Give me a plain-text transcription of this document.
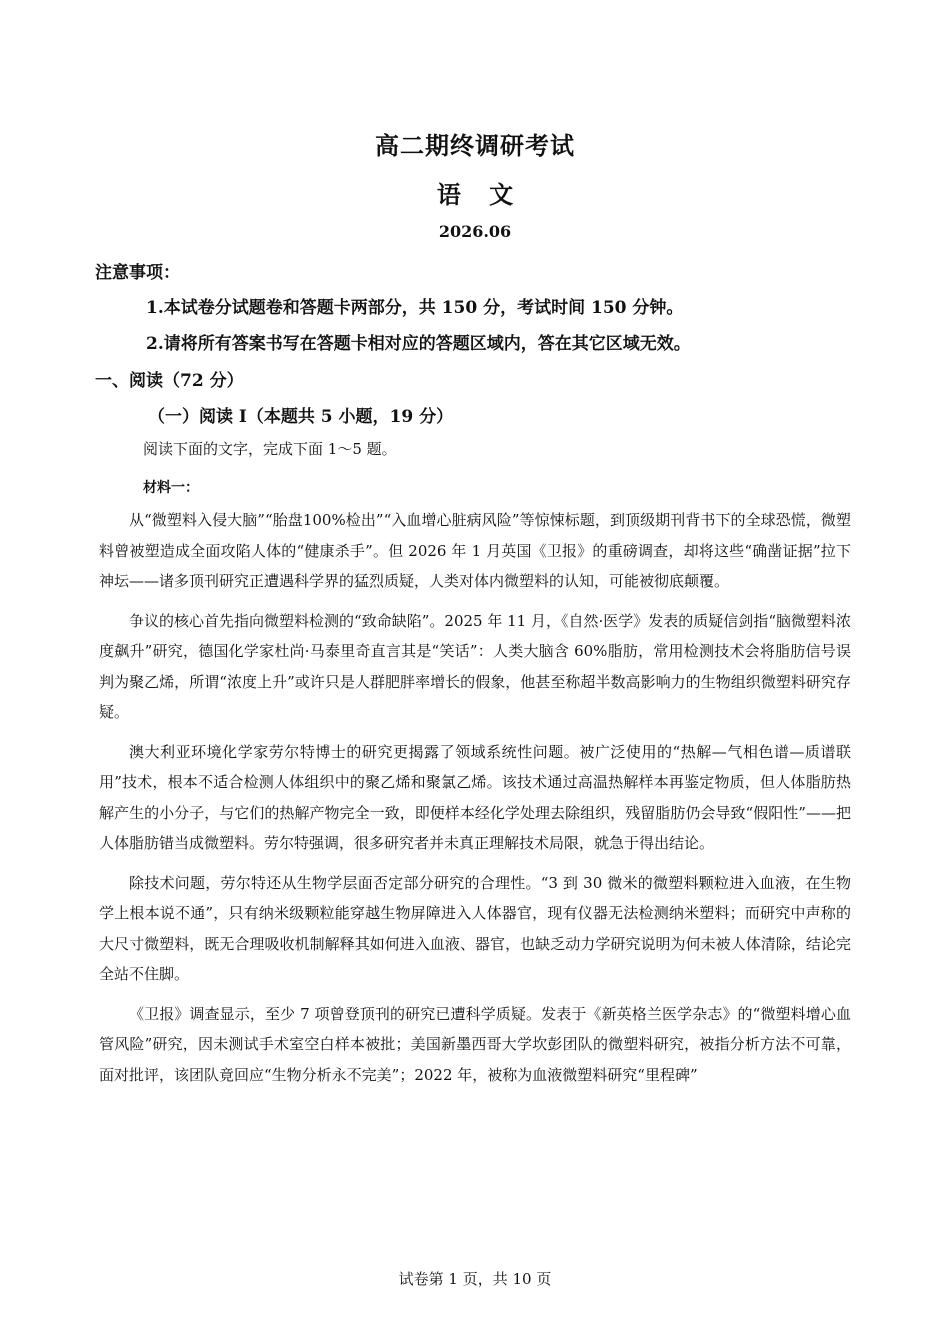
高二期终调研考试
语 文
2026.06
注意事项：
1.本试卷分试题卷和答题卡两部分，共 150 分，考试时间 150 分钟。
2.请将所有答案书写在答题卡相对应的答题区域内，答在其它区域无效。
一、阅读（72 分）
（一）阅读 I（本题共 5 小题，19 分）
阅读下面的文字，完成下面 1～5 题。
材料一：

从“微塑料入侵大脑”“胎盘100%检出”“入血增心脏病风险”等惊悚标题，到顶级期刊背书下的全球恐慌，微塑料曾被塑造成全面攻陷人体的“健康杀手”。但 2026 年 1 月英国《卫报》的重磅调查，却将这些“确凿证据”拉下神坛——诸多顶刊研究正遭遇科学界的猛烈质疑，人类对体内微塑料的认知，可能被彻底颠覆。

争议的核心首先指向微塑料检测的“致命缺陷”。2025 年 11 月，《自然·医学》发表的质疑信剑指“脑微塑料浓度飙升”研究，德国化学家杜尚·马泰里奇直言其是“笑话”：人类大脑含 60%脂肪，常用检测技术会将脂肪信号误判为聚乙烯，所谓“浓度上升”或许只是人群肥胖率增长的假象，他甚至称超半数高影响力的生物组织微塑料研究存疑。

澳大利亚环境化学家劳尔特博士的研究更揭露了领域系统性问题。被广泛使用的“热解—气相色谱—质谱联用”技术，根本不适合检测人体组织中的聚乙烯和聚氯乙烯。该技术通过高温热解样本再鉴定物质，但人体脂肪热解产生的小分子，与它们的热解产物完全一致，即便样本经化学处理去除组织，残留脂肪仍会导致“假阳性”——把人体脂肪错当成微塑料。劳尔特强调，很多研究者并未真正理解技术局限，就急于得出结论。

除技术问题，劳尔特还从生物学层面否定部分研究的合理性。“3 到 30 微米的微塑料颗粒进入血液，在生物学上根本说不通”，只有纳米级颗粒能穿越生物屏障进入人体器官，现有仪器无法检测纳米塑料；而研究中声称的大尺寸微塑料，既无合理吸收机制解释其如何进入血液、器官，也缺乏动力学研究说明为何未被人体清除，结论完全站不住脚。

《卫报》调查显示，至少 7 项曾登顶刊的研究已遭科学质疑。发表于《新英格兰医学杂志》的“微塑料增心血管风险”研究，因未测试手术室空白样本被批；美国新墨西哥大学坎彭团队的微塑料研究，被指分析方法不可靠，面对批评，该团队竟回应“生物分析永不完美”；2022 年，被称为血液微塑料研究“里程碑”

试卷第 1 页，共 10 页
